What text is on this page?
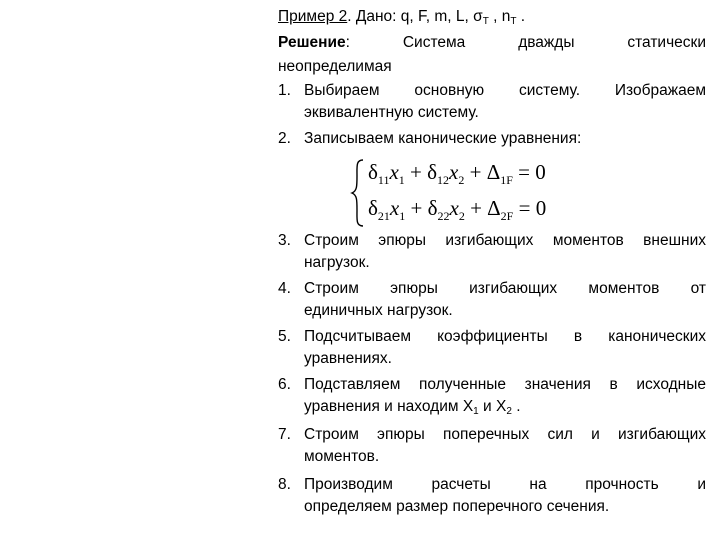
Пример 2. Дано: q, F, m, L, $\sigma_T$ , $n_T$ .
Решение:	Система	дважды	статически
неопределимая
1. Выбираем основную систему. Изображаем
эквивалентную систему.
2. Записываем канонические уравнения:
$\delta_{11}x_1 + \delta_{12}x_2 + \Delta_{1F} = 0$
$\delta_{21}x_1 + \delta_{22}x_2 + \Delta_{2F} = 0$
3. Строим эпюры изгибающих моментов внешних
нагрузок.
4. Строим эпюры изгибающих моментов от
единичных нагрузок.
5. Подсчитываем коэффициенты в канонических
уравнениях.
6. Подставляем полученные значения в исходные
уравнения и находим $X_1$ и $X_2$ .
7. Строим эпюры поперечных сил и изгибающих
моментов.
8. Производим расчеты на прочность и
определяем размер поперечного сечения.
